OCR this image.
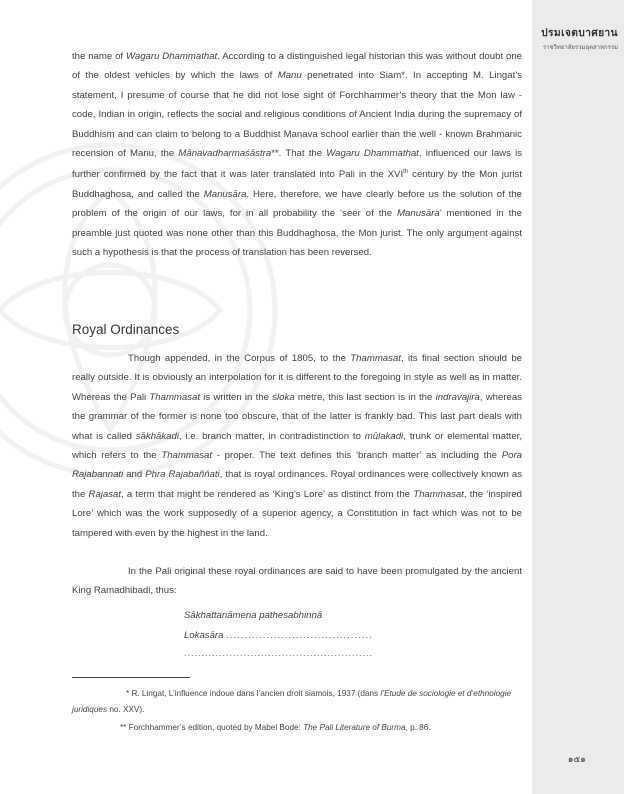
ปรมเจตบาศยาน
ราชวิทยาลัยรวมอุตสาหกรรม
the name of Wagaru Dhammathat. According to a distinguished legal historian this was without doubt one of the oldest vehicles by which the laws of Manu penetrated into Siam*. In accepting M. Lingat’s statement, I presume of course that he did not lose sight of Forchhammer’s theory that the Mon law - code, Indian in origin, reflects the social and religious conditions of Ancient India during the supremacy of Buddhism and can claim to belong to a Buddhist Manava school earlier than the well - known Brahmanic recension of Manu, the Mānavadharmaśāstra**. That the Wagaru Dhammathat, influenced our laws is further confirmed by the fact that it was later translated into Pali in the XVIth century by the Mon jurist Buddhaghosa, and called the Manusāra. Here, therefore, we have clearly before us the solution of the problem of the origin of our laws, for in all probability the ‘seer of the Manusāra’ mentioned in the preamble just quoted was none other than this Buddhaghosa, the Mon jurist. The only argument against such a hypothesis is that the process of translation has been reversed.
Royal Ordinances
Though appended, in the Corpus of 1805, to the Thammasat, its final section should be really outside. It is obviously an interpolation for it is different to the foregoing in style as well as in matter. Whereas the Pali Thammasat is written in the śloka metre, this last section is in the indravajira, whereas the grammar of the former is none too obscure, that of the latter is frankly bad. This last part deals with what is called sākhākadi, i.e. branch matter, in contradistinction to mūlakadi, trunk or elemental matter, which refers to the Thammasat - proper. The text defines this ‘branch matter’ as including the Pora Rajabannati and Phra Rajabañňati, that is royal ordinances. Royal ordinances were collectively known as the Rajasat, a term that might be rendered as ‘King’s Lore’ as distinct from the Thammasat, the ‘inspired Lore’ which was the work supposedly of a superior agency, a Constitution in fact which was not to be tampered with even by the highest in the land.
In the Pali original these royal ordinances are said to have been promulgated by the ancient King Ramadhibadi, thus:
Sākhattanāmena pathesabhinnā
Lokasāra ........................................
......................................................
* R. Lingat, L’influence indoue dans l’ancien droit siamois, 1937 (dans l’Etude de sociologie et d’ethnologie juridiques no. XXV).
** Forchhammer’s edition, quoted by Mabel Bode: The Pali Literature of Burma, p. 86.
๑๕๑
